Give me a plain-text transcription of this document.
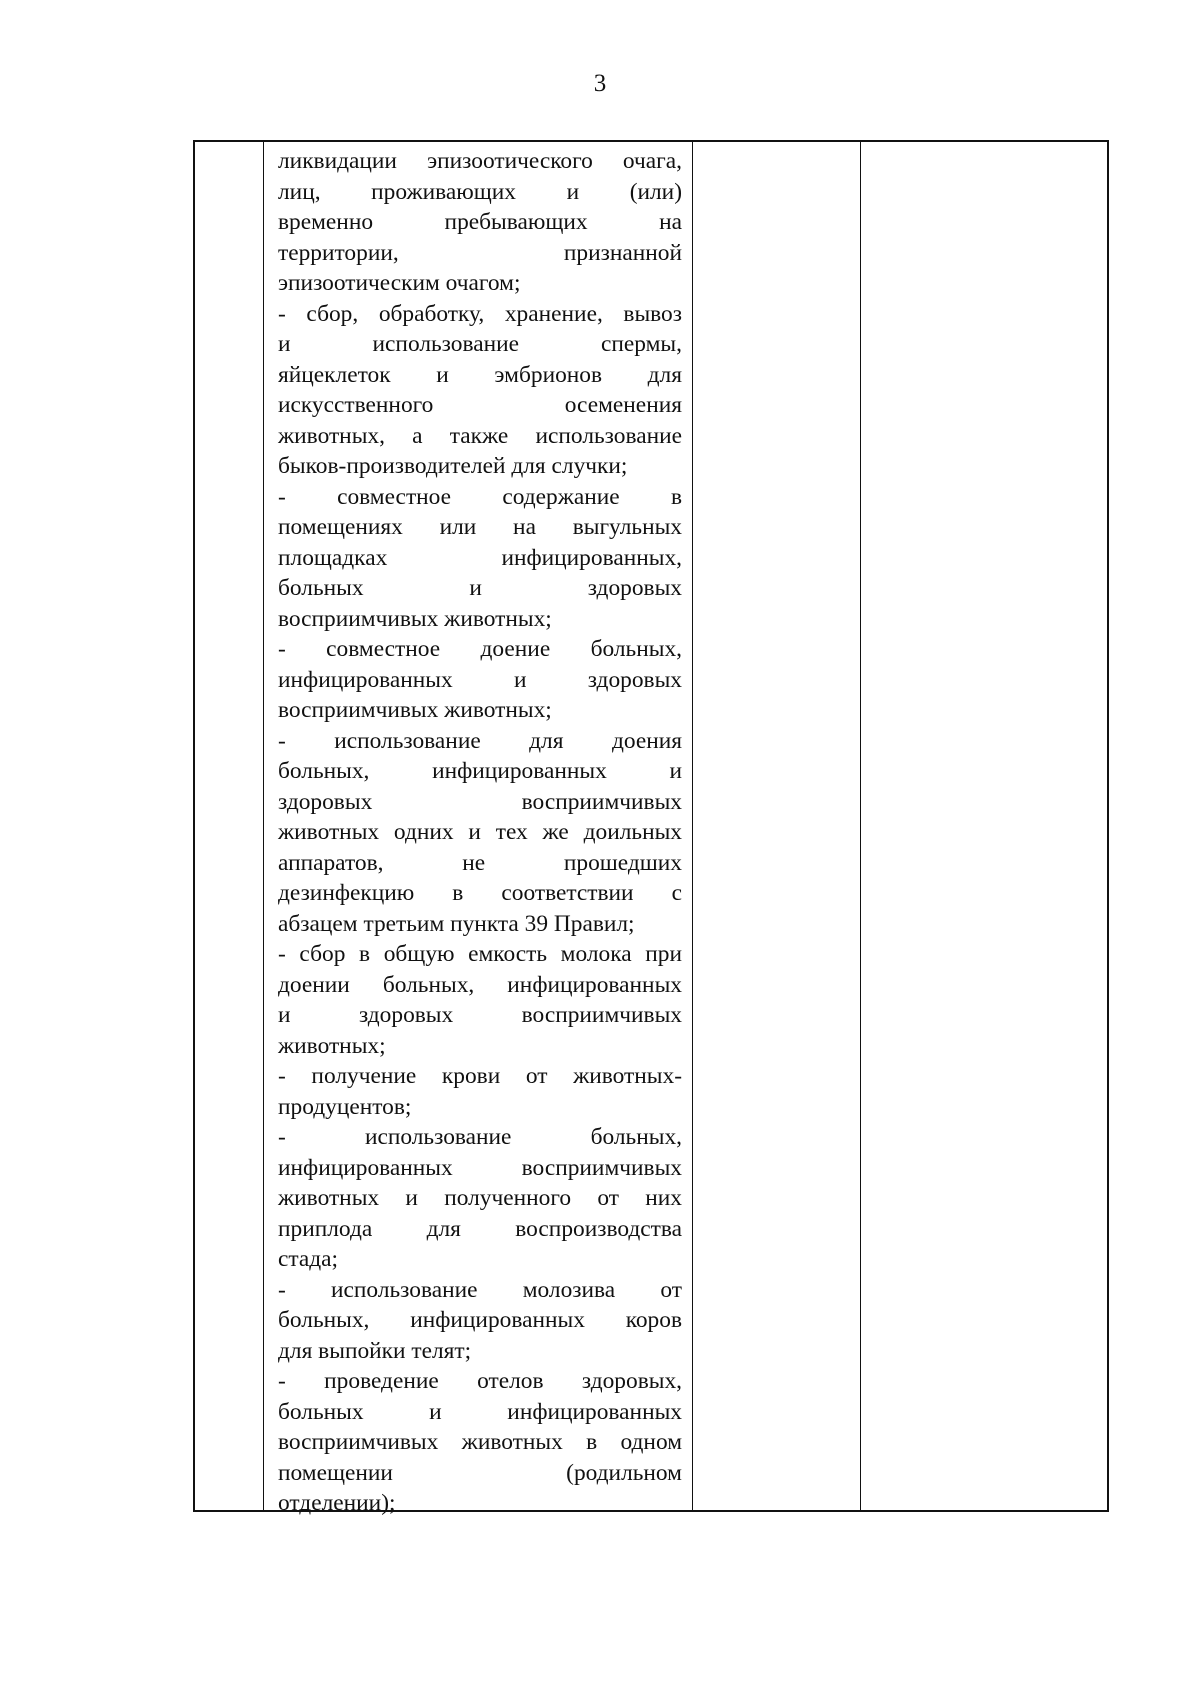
3
ликвидации эпизоотического очага,
лиц, проживающих и (или)
временно пребывающих на
территории, признанной
эпизоотическим очагом;
- сбор, обработку, хранение, вывоз
и использование спермы,
яйцеклеток и эмбрионов для
искусственного осеменения
животных, а также использование
быков-производителей для случки;
- совместное содержание в
помещениях или на выгульных
площадках инфицированных,
больных и здоровых
восприимчивых животных;
- совместное доение больных,
инфицированных и здоровых
восприимчивых животных;
- использование для доения
больных, инфицированных и
здоровых восприимчивых
животных одних и тех же доильных
аппаратов, не прошедших
дезинфекцию в соответствии с
абзацем третьим пункта 39 Правил;
- сбор в общую емкость молока при
доении больных, инфицированных
и здоровых восприимчивых
животных;
- получение крови от животных-
продуцентов;
- использование больных,
инфицированных восприимчивых
животных и полученного от них
приплода для воспроизводства
стада;
- использование молозива от
больных, инфицированных коров
для выпойки телят;
- проведение отелов здоровых,
больных и инфицированных
восприимчивых животных в одном
помещении (родильном
отделении);
